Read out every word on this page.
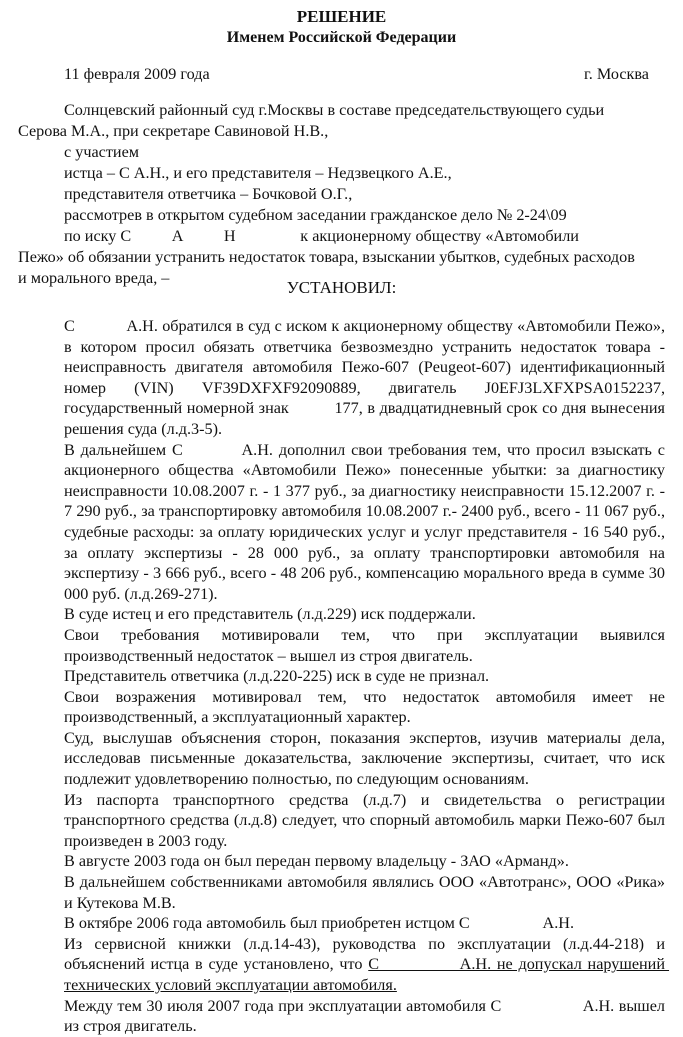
РЕШЕНИЕ
Именем Российской Федерации
11 февраля 2009 года	г. Москва
Солнцевский районный суд г.Москвы в составе председательствующего судьи
Серова М.А., при секретаре Савиновой Н.В.,
с участием
истца – С А.Н., и его представителя – Недзвецкого А.Е.,
представителя ответчика – Бочковой О.Г.,
рассмотрев в открытом судебном заседании гражданское дело № 2-24\09
по иску С          А          Н                к акционерному обществу «Автомобили
Пежо» об обязании устранить недостаток товара, взыскании убытков, судебных расходов
и морального вреда, –	УСТАНОВИЛ:

С            А.Н. обратился в суд с иском к акционерному обществу «Автомобили Пежо», в котором просил обязать ответчика безвозмездно устранить недостаток товара - неисправность двигателя автомобиля Пежо-607 (Peugeot-607) идентификационный номер (VIN) VF39DXFXF92090889, двигатель J0EFJ3LXFXPSA0152237, государственный номерной знак          177, в двадцатидневный срок со дня вынесения решения суда (л.д.3-5).

В дальнейшем С          А.Н. дополнил свои требования тем, что просил взыскать с акционерного общества «Автомобили Пежо» понесенные убытки: за диагностику неисправности 10.08.2007 г. - 1 377 руб., за диагностику неисправности 15.12.2007 г. - 7 290 руб., за транспортировку автомобиля 10.08.2007 г.- 2400 руб., всего - 11 067 руб., судебные расходы: за оплату юридических услуг и услуг представителя - 16 540 руб., за оплату экспертизы - 28 000 руб., за оплату транспортировки автомобиля на экспертизу - 3 666 руб., всего - 48 206 руб., компенсацию морального вреда в сумме 30 000 руб. (л.д.269-271).

В суде истец и его представитель (л.д.229) иск поддержали.

Свои требования мотивировали тем, что при эксплуатации выявился производственный недостаток – вышел из строя двигатель.

Представитель ответчика (л.д.220-225) иск в суде не признал.

Свои возражения мотивировал тем, что недостаток автомобиля имеет не производственный, а эксплуатационный характер.

Суд, выслушав объяснения сторон, показания экспертов, изучив материалы дела, исследовав письменные доказательства, заключение экспертизы, считает, что иск подлежит удовлетворению полностью, по следующим основаниям.

Из паспорта транспортного средства (л.д.7) и свидетельства о регистрации транспортного средства (л.д.8) следует, что спорный автомобиль марки Пежо-607 был произведен в 2003 году.

В августе 2003 года он был передан первому владельцу - ЗАО «Арманд».

В дальнейшем собственниками автомобиля являлись ООО «Автотранс», ООО «Рика» и Кутекова М.В.

В октябре 2006 года автомобиль был приобретен истцом С                  А.Н.

Из сервисной книжки (л.д.14-43), руководства по эксплуатации (л.д.44-218) и объяснений истца в суде установлено, что С              А.Н. не допускал нарушений технических условий эксплуатации автомобиля.

Между тем 30 июля 2007 года при эксплуатации автомобиля С                  А.Н. вышел из строя двигатель.
